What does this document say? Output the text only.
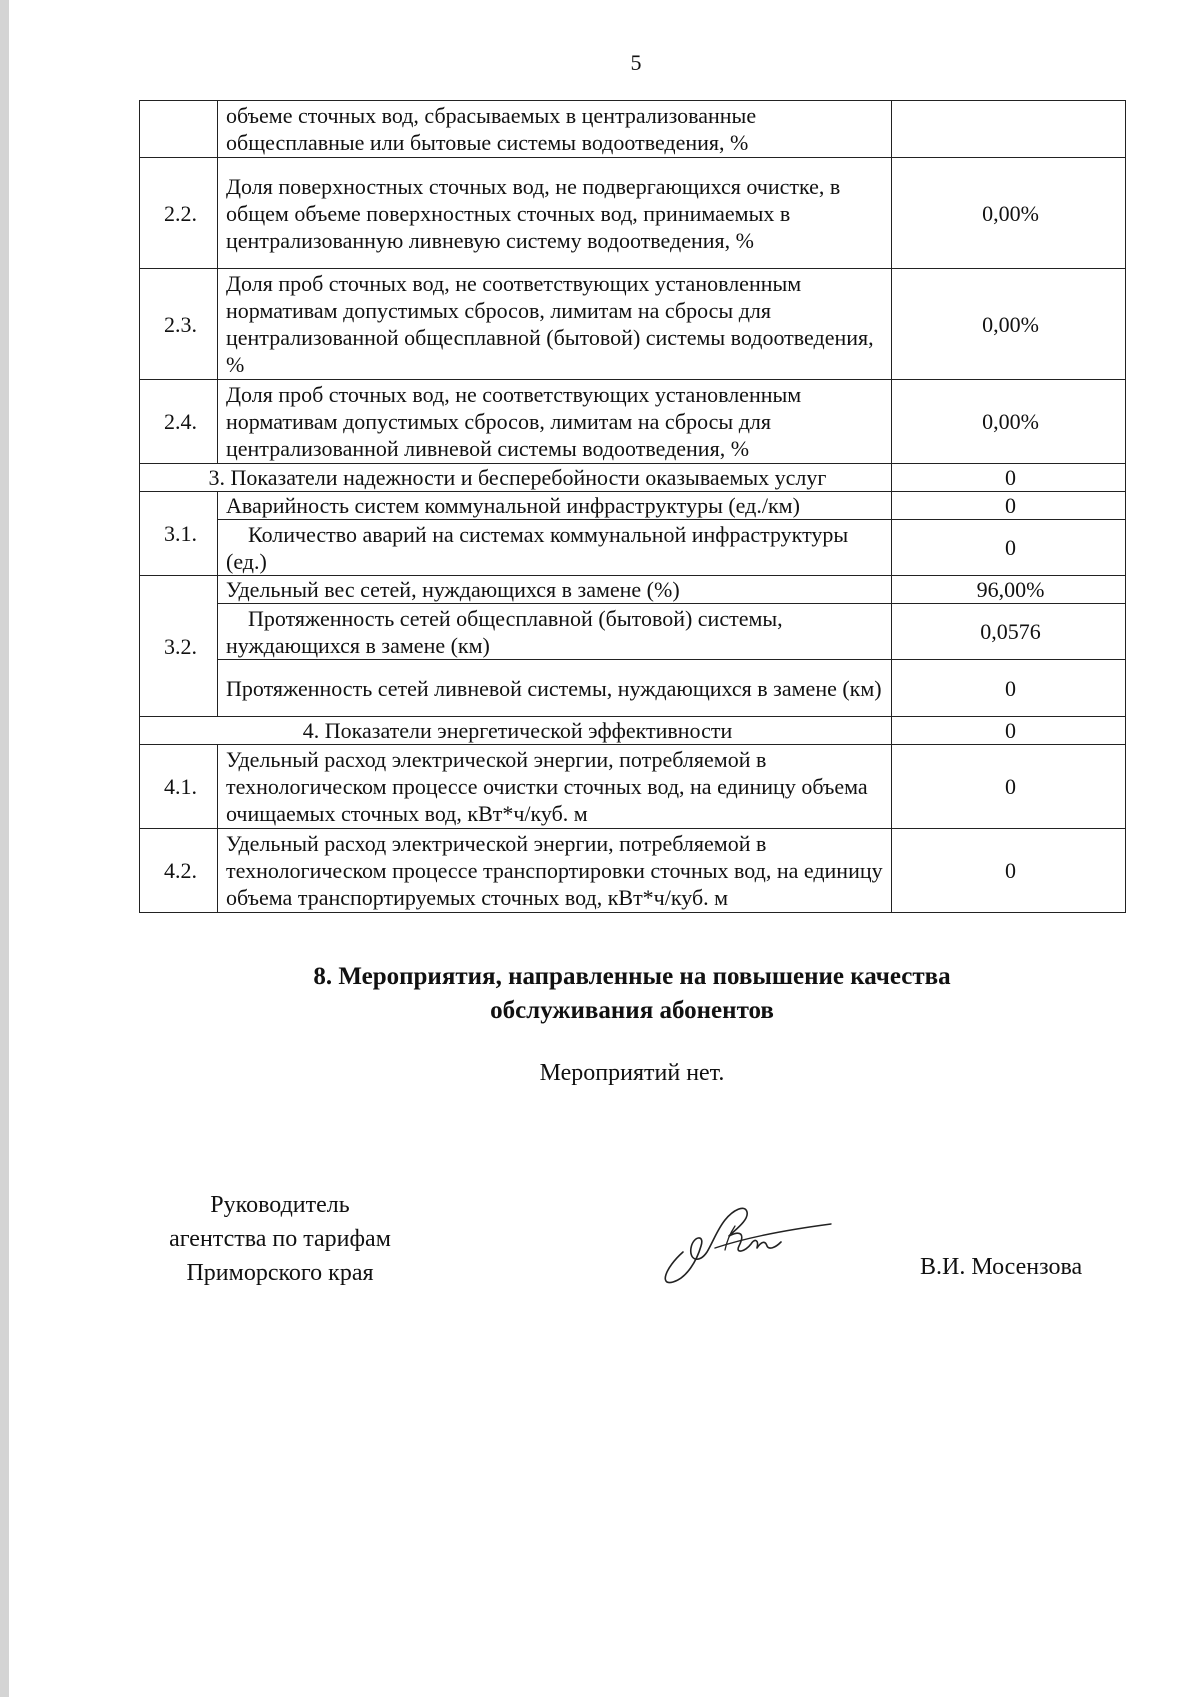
5
	объеме сточных вод, сбрасываемых в централизованные общесплавные или бытовые системы водоотведения, %	
2.2.	Доля поверхностных сточных вод, не подвергающихся очистке, в общем объеме поверхностных сточных вод, принимаемых в централизованную ливневую систему водоотведения, %	0,00%
2.3.	Доля проб сточных вод, не соответствующих установленным нормативам допустимых сбросов, лимитам на сбросы для централизованной общесплавной (бытовой) системы водоотведения, %	0,00%
2.4.	Доля проб сточных вод, не соответствующих установленным нормативам допустимых сбросов, лимитам на сбросы для централизованной ливневой системы водоотведения, %	0,00%
3. Показатели надежности и бесперебойности оказываемых услуг		0
3.1.	Аварийность систем коммунальной инфраструктуры (ед./км)	0
	Количество аварий на системах коммунальной инфраструктуры (ед.)	0
3.2.	Удельный вес сетей, нуждающихся в замене (%)	96,00%
	Протяженность сетей общесплавной (бытовой) системы, нуждающихся в замене (км)	0,0576
	Протяженность сетей ливневой системы, нуждающихся в замене (км)	0
4. Показатели энергетической эффективности		0
4.1.	Удельный расход электрической энергии, потребляемой в технологическом процессе очистки сточных вод, на единицу объема очищаемых сточных вод, кВт*ч/куб. м	0
4.2.	Удельный расход электрической энергии, потребляемой в технологическом процессе транспортировки сточных вод, на единицу объема транспортируемых сточных вод, кВт*ч/куб. м	0
8. Мероприятия, направленные на повышение качества
обслуживания абонентов
Мероприятий нет.
Руководитель
агентства по тарифам
Приморского края	В.И. Мосензова
